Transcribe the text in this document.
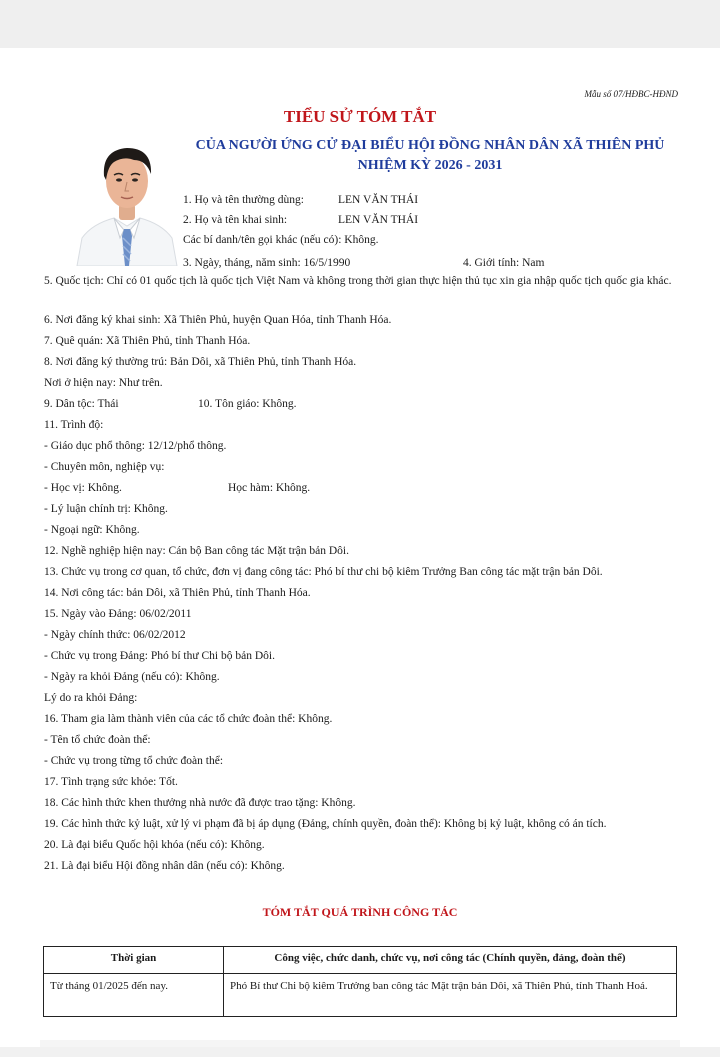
Mẫu số 07/HĐBC-HĐND
TIỂU SỬ TÓM TẮT
CỦA NGƯỜI ỨNG CỬ ĐẠI BIỂU HỘI ĐỒNG NHÂN DÂN XÃ THIÊN PHỦ
NHIỆM KỲ 2026 - 2031
1. Họ và tên thường dùng:	LEN VĂN THÁI
2. Họ và tên khai sinh:	LEN VĂN THÁI
Các bí danh/tên gọi khác (nếu có): Không.
3. Ngày, tháng, năm sinh: 16/5/1990	4. Giới tính: Nam
5. Quốc tịch: Chỉ có 01 quốc tịch là quốc tịch Việt Nam và không trong thời gian thực hiện thủ tục xin gia nhập quốc tịch quốc gia khác.
6. Nơi đăng ký khai sinh: Xã Thiên Phủ, huyện Quan Hóa, tỉnh Thanh Hóa.
7. Quê quán: Xã Thiên Phủ, tỉnh Thanh Hóa.
8. Nơi đăng ký thường trú: Bản Dôi, xã Thiên Phủ, tỉnh Thanh Hóa.
Nơi ở hiện nay: Như trên.
9. Dân tộc: Thái	10. Tôn giáo: Không.
11. Trình độ:
- Giáo dục phổ thông: 12/12/phổ thông.
- Chuyên môn, nghiệp vụ:
- Học vị: Không.	Học hàm: Không.
- Lý luận chính trị: Không.
- Ngoại ngữ: Không.
12. Nghề nghiệp hiện nay: Cán bộ Ban công tác Mặt trận bản Dôi.
13. Chức vụ trong cơ quan, tổ chức, đơn vị đang công tác: Phó bí thư chi bộ kiêm Trưởng Ban công tác mặt trận bản Dôi.
14. Nơi công tác: bản Dôi, xã Thiên Phủ, tỉnh Thanh Hóa.
15. Ngày vào Đảng: 06/02/2011
- Ngày chính thức: 06/02/2012
- Chức vụ trong Đảng: Phó bí thư Chi bộ bản Dôi.
- Ngày ra khỏi Đảng (nếu có): Không.
Lý do ra khỏi Đảng:
16. Tham gia làm thành viên của các tổ chức đoàn thể: Không.
- Tên tổ chức đoàn thể:
- Chức vụ trong từng tổ chức đoàn thể:
17. Tình trạng sức khỏe: Tốt.
18. Các hình thức khen thưởng nhà nước đã được trao tặng: Không.
19. Các hình thức kỷ luật, xử lý vi phạm đã bị áp dụng (Đảng, chính quyền, đoàn thể): Không bị kỷ luật, không có án tích.
20. Là đại biểu Quốc hội khóa (nếu có): Không.
21. Là đại biểu Hội đồng nhân dân (nếu có): Không.
TÓM TẮT QUÁ TRÌNH CÔNG TÁC
Thời gian	Công việc, chức danh, chức vụ, nơi công tác (Chính quyền, đảng, đoàn thể)
Từ tháng 01/2025 đến nay.	Phó Bí thư Chi bộ kiêm Trưởng ban công tác Mặt trận bản Dôi, xã Thiên Phủ, tỉnh Thanh Hoá.
